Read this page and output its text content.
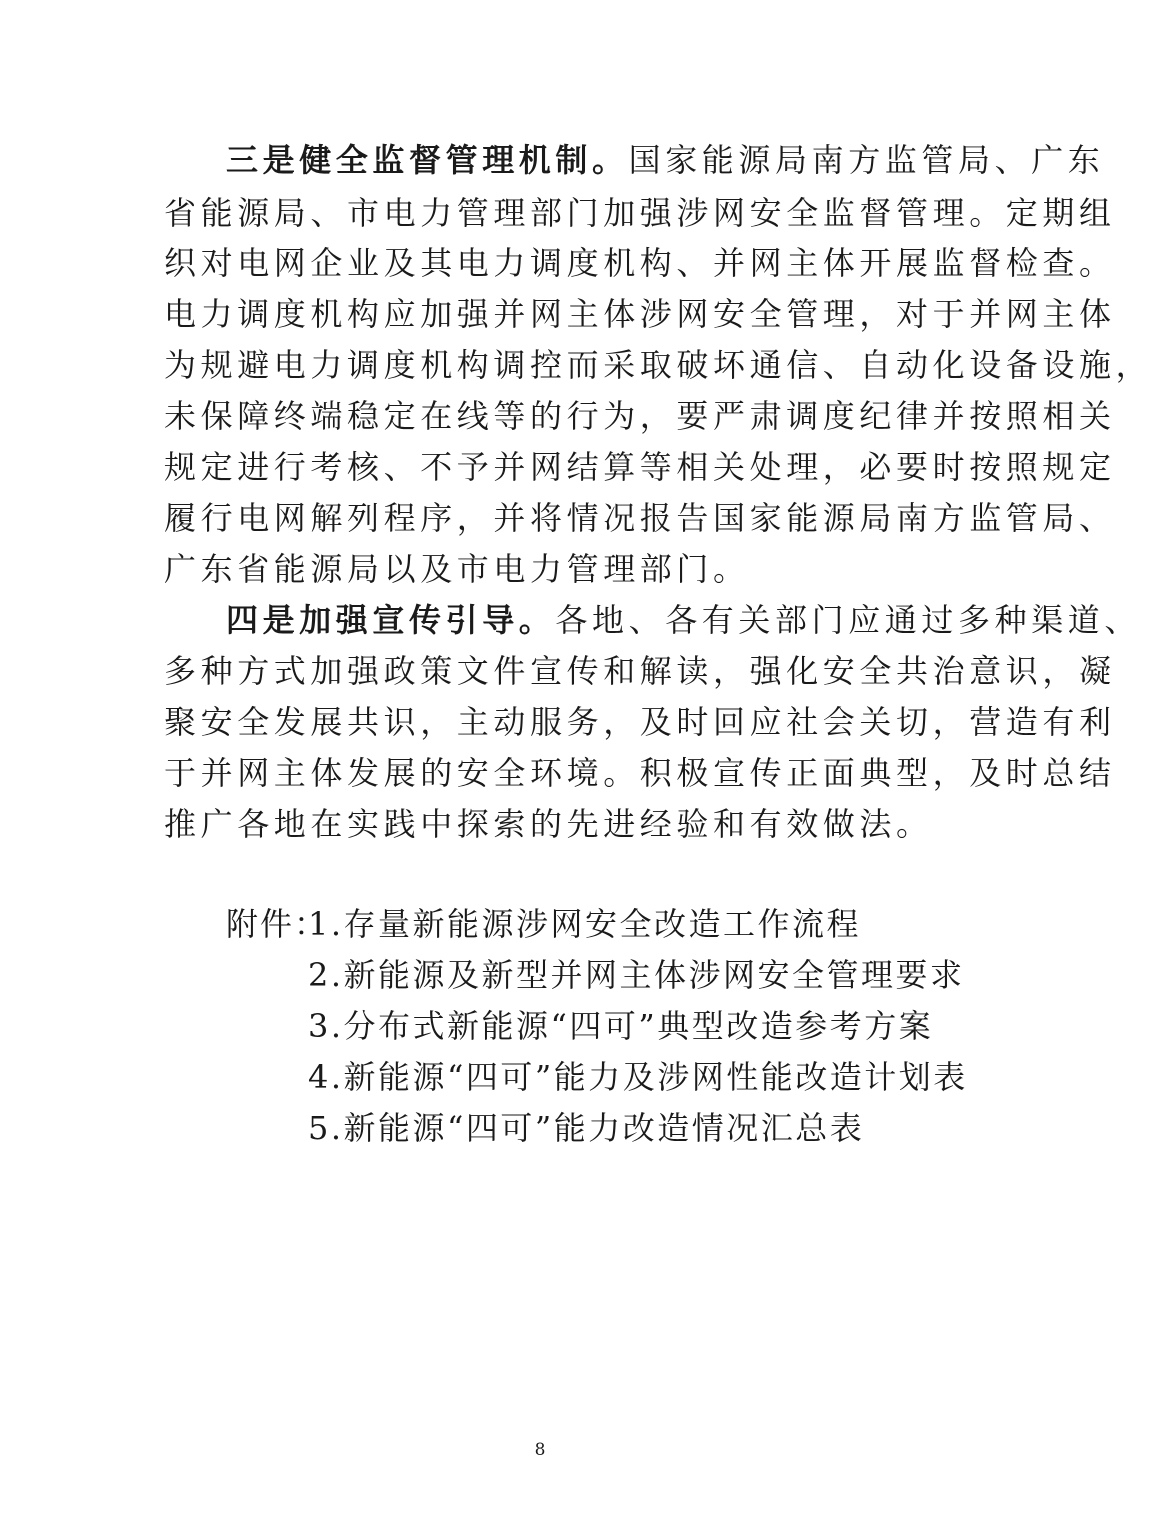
三是健全监督管理机制。国家能源局南方监管局、广东
省能源局、市电力管理部门加强涉网安全监督管理。定期组
织对电网企业及其电力调度机构、并网主体开展监督检查。
电力调度机构应加强并网主体涉网安全管理，对于并网主体
为规避电力调度机构调控而采取破坏通信、自动化设备设施，
未保障终端稳定在线等的行为，要严肃调度纪律并按照相关
规定进行考核、不予并网结算等相关处理，必要时按照规定
履行电网解列程序，并将情况报告国家能源局南方监管局、
广东省能源局以及市电力管理部门。
四是加强宣传引导。各地、各有关部门应通过多种渠道、
多种方式加强政策文件宣传和解读，强化安全共治意识，凝
聚安全发展共识，主动服务，及时回应社会关切，营造有利
于并网主体发展的安全环境。积极宣传正面典型，及时总结
推广各地在实践中探索的先进经验和有效做法。
附件：
1.存量新能源涉网安全改造工作流程
2.新能源及新型并网主体涉网安全管理要求
3.分布式新能源“四可”典型改造参考方案
4.新能源“四可”能力及涉网性能改造计划表
5.新能源“四可”能力改造情况汇总表
8
